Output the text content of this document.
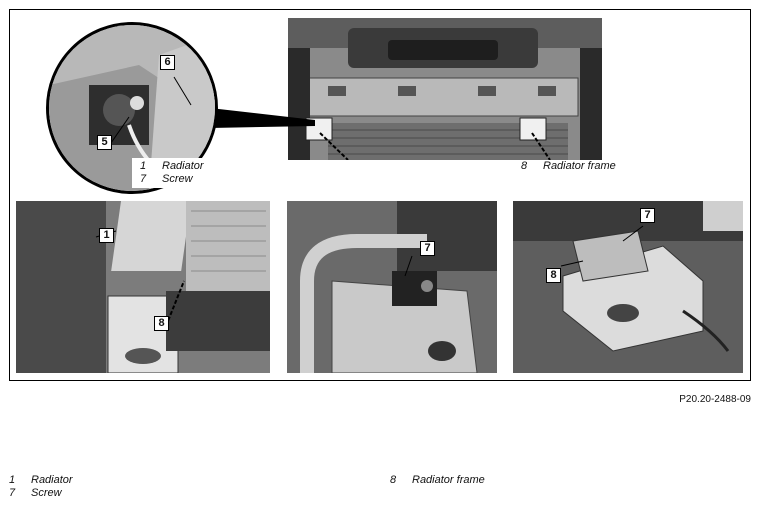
6
5
1 Radiator
7 Screw
8 Radiator frame
1
8
7
7
8
P20.20-2488-09
1 Radiator
7 Screw
8 Radiator frame
